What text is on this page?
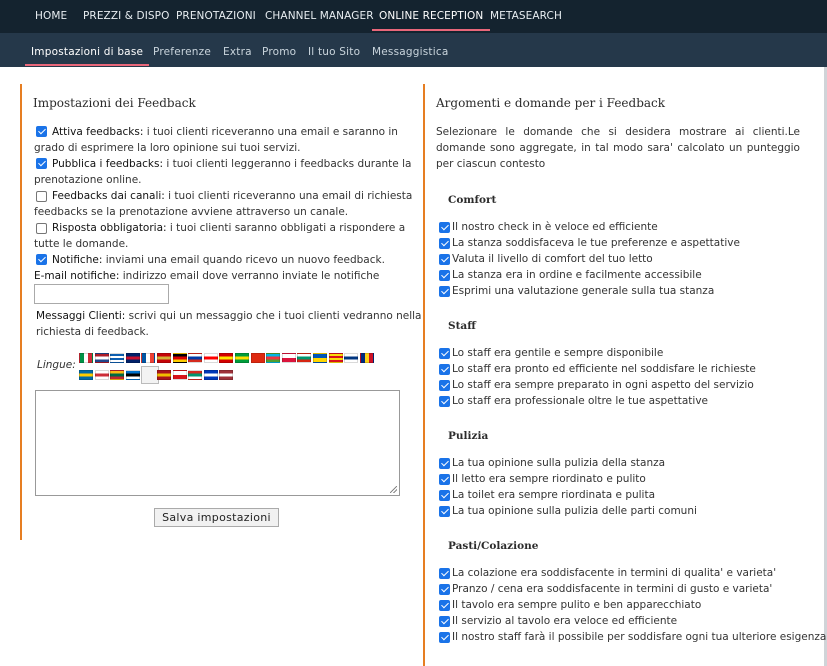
HOME PREZZI & DISPO PRENOTAZIONI CHANNEL MANAGER ONLINE RECEPTION METASEARCH
Impostazioni di base Preferenze Extra Promo Il tuo Sito Messaggistica
Impostazioni dei Feedback
Attiva feedbacks: i tuoi clienti riceveranno una email e saranno in
grado di esprimere la loro opinione sui tuoi servizi.
Pubblica i feedbacks: i tuoi clienti leggeranno i feedbacks durante la
prenotazione online.
Feedbacks dai canali: i tuoi clienti riceveranno una email di richiesta
feedbacks se la prenotazione avviene attraverso un canale.
Risposta obbligatoria: i tuoi clienti saranno obbligati a rispondere a
tutte le domande.
Notifiche: inviami una email quando ricevo un nuovo feedback.
E-mail notifiche: indirizzo email dove verranno inviate le notifiche
Messaggi Clienti: scrivi qui un messaggio che i tuoi clienti vedranno nella
richiesta di feedback.
Lingue:
Salva impostazioni
Argomenti e domande per i Feedback
Selezionare le domande che si desidera mostrare ai clienti.Le domande sono aggregate, in tal modo sara' calcolato un punteggio per ciascun contesto
Comfort
Il nostro check in è veloce ed efficiente
La stanza soddisfaceva le tue preferenze e aspettative
Valuta il livello di comfort del tuo letto
La stanza era in ordine e facilmente accessibile
Esprimi una valutazione generale sulla tua stanza
Staff
Lo staff era gentile e sempre disponibile
Lo staff era pronto ed efficiente nel soddisfare le richieste
Lo staff era sempre preparato in ogni aspetto del servizio
Lo staff era professionale oltre le tue aspettative
Pulizia
La tua opinione sulla pulizia della stanza
Il letto era sempre riordinato e pulito
La toilet era sempre riordinata e pulita
La tua opinione sulla pulizia delle parti comuni
Pasti/Colazione
La colazione era soddisfacente in termini di qualita' e varieta'
Pranzo / cena era soddisfacente in termini di gusto e varieta'
Il tavolo era sempre pulito e ben apparecchiato
Il servizio al tavolo era veloce ed efficiente
Il nostro staff farà il possibile per soddisfare ogni tua ulteriore esigenza
